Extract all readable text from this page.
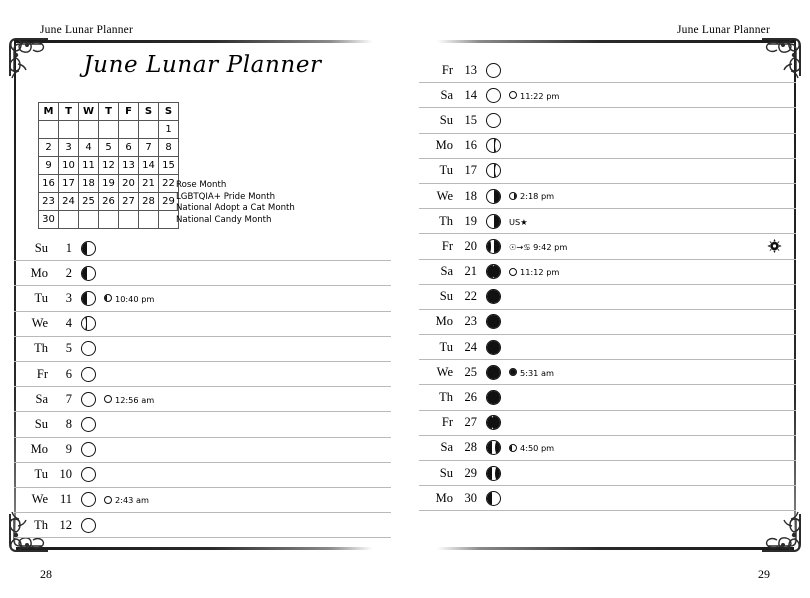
June Lunar Planner
June Lunar Planner
M	T	W	T	F	S	S
						1
2	3	4	5	6	7	8
9	10	11	12	13	14	15
16	17	18	19	20	21	22
23	24	25	26	27	28	29
30						
Rose Month
LGBTQIA+ Pride Month
National Adopt a Cat Month
National Candy Month
Su	1
Mo	2
Tu	3	10:40 pm
We	4
Th	5
Fr	6
Sa	7	12:56 am
Su	8
Mo	9
Tu 10
We 11	2:43 am
Th 12
28
June Lunar Planner
Fr 13
Sa 14	11:22 pm
Su 15
Mo 16
Tu 17
We 18	2:18 pm
Th 19	US★
Fr 20	☉→♋ 9:42 pm
Sa 21	11:12 pm
Su 22
Mo 23
Tu 24
We 25	5:31 am
Th 26
Fr 27
Sa 28	4:50 pm
Su 29
Mo 30
29
